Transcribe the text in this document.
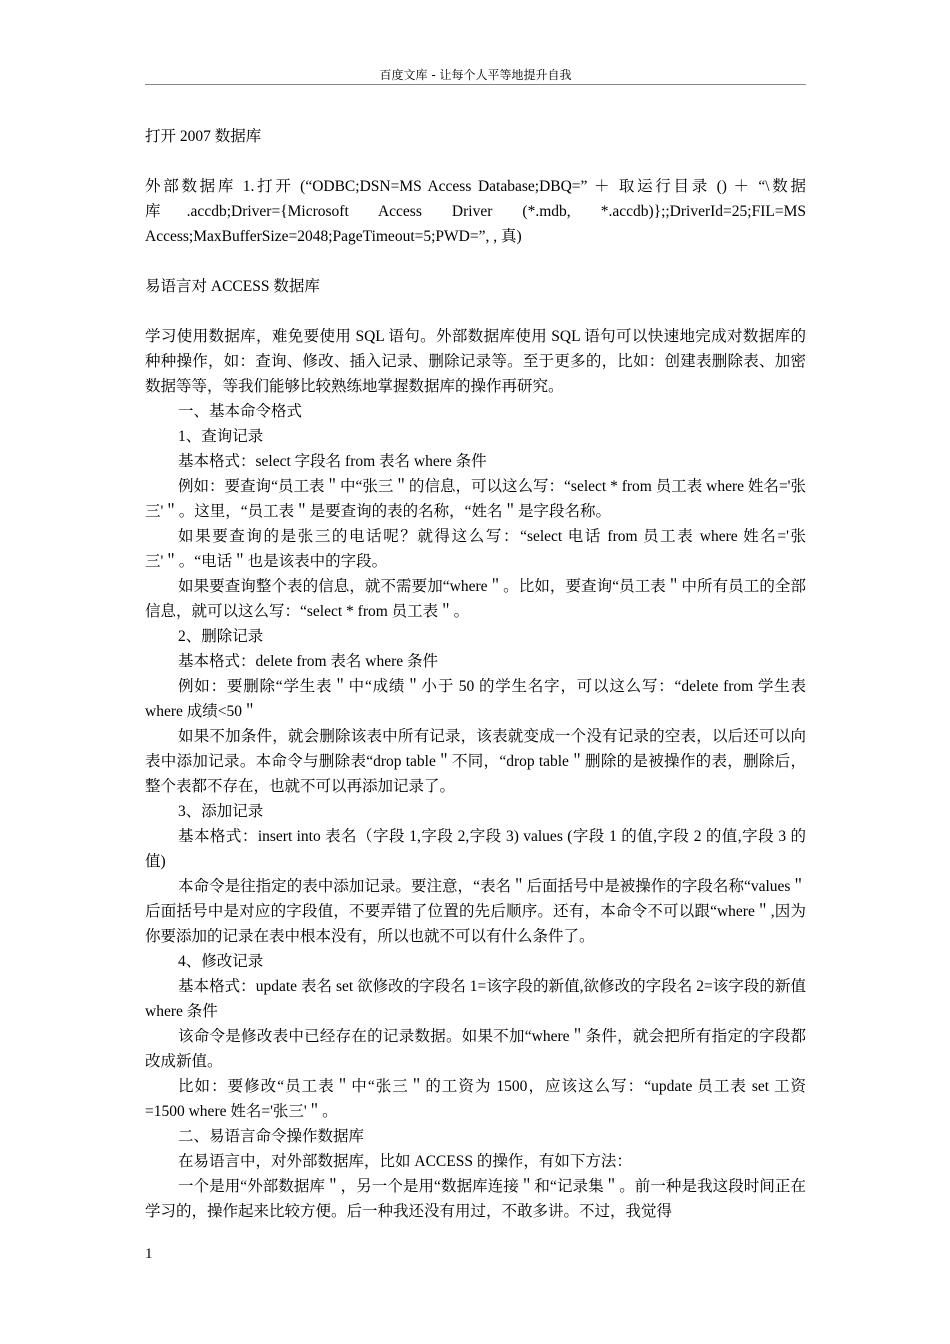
百度文库 - 让每个人平等地提升自我

打开 2007 数据库

外部数据库 1.打开 (“ODBC;DSN=MS Access Database;DBQ=” ＋ 取运行目录 () ＋ “\数据库.accdb;Driver={Microsoft Access Driver (*.mdb, *.accdb)};;DriverId=25;FIL=MS Access;MaxBufferSize=2048;PageTimeout=5;PWD=”, , 真)

易语言对 ACCESS 数据库

学习使用数据库，难免要使用 SQL 语句。外部数据库使用 SQL 语句可以快速地完成对数据库的种种操作，如：查询、修改、插入记录、删除记录等。至于更多的，比如：创建表删除表、加密数据等等，等我们能够比较熟练地掌握数据库的操作再研究。

一、基本命令格式

1、查询记录

基本格式：select 字段名 from 表名 where 条件

例如：要查询“员工表＂中“张三＂的信息，可以这么写：“select * from 员工表 where 姓名='张三'＂。这里，“员工表＂是要查询的表的名称，“姓名＂是字段名称。

如果要查询的是张三的电话呢？就得这么写：“select 电话 from 员工表 where 姓名='张三'＂。“电话＂也是该表中的字段。

如果要查询整个表的信息，就不需要加“where＂。比如，要查询“员工表＂中所有员工的全部信息，就可以这么写：“select * from 员工表＂。

2、删除记录

基本格式：delete from 表名 where 条件

例如：要删除“学生表＂中“成绩＂小于 50 的学生名字，可以这么写：“delete from 学生表 where 成绩<50＂

如果不加条件，就会删除该表中所有记录，该表就变成一个没有记录的空表，以后还可以向表中添加记录。本命令与删除表“drop table＂不同，“drop table＂删除的是被操作的表，删除后，整个表都不存在，也就不可以再添加记录了。

3、添加记录

基本格式：insert into 表名（字段 1,字段 2,字段 3) values (字段 1 的值,字段 2 的值,字段 3 的值)

本命令是往指定的表中添加记录。要注意，“表名＂后面括号中是被操作的字段名称“values＂后面括号中是对应的字段值，不要弄错了位置的先后顺序。还有，本命令不可以跟“where＂,因为你要添加的记录在表中根本没有，所以也就不可以有什么条件了。

4、修改记录

基本格式：update 表名 set 欲修改的字段名 1=该字段的新值,欲修改的字段名 2=该字段的新值 where 条件

该命令是修改表中已经存在的记录数据。如果不加“where＂条件，就会把所有指定的字段都改成新值。

比如：要修改“员工表＂中“张三＂的工资为 1500，应该这么写：“update 员工表 set 工资=1500 where 姓名='张三'＂。

二、易语言命令操作数据库

在易语言中，对外部数据库，比如 ACCESS 的操作，有如下方法：

一个是用“外部数据库＂，另一个是用“数据库连接＂和“记录集＂。前一种是我这段时间正在学习的，操作起来比较方便。后一种我还没有用过，不敢多讲。不过，我觉得

1
